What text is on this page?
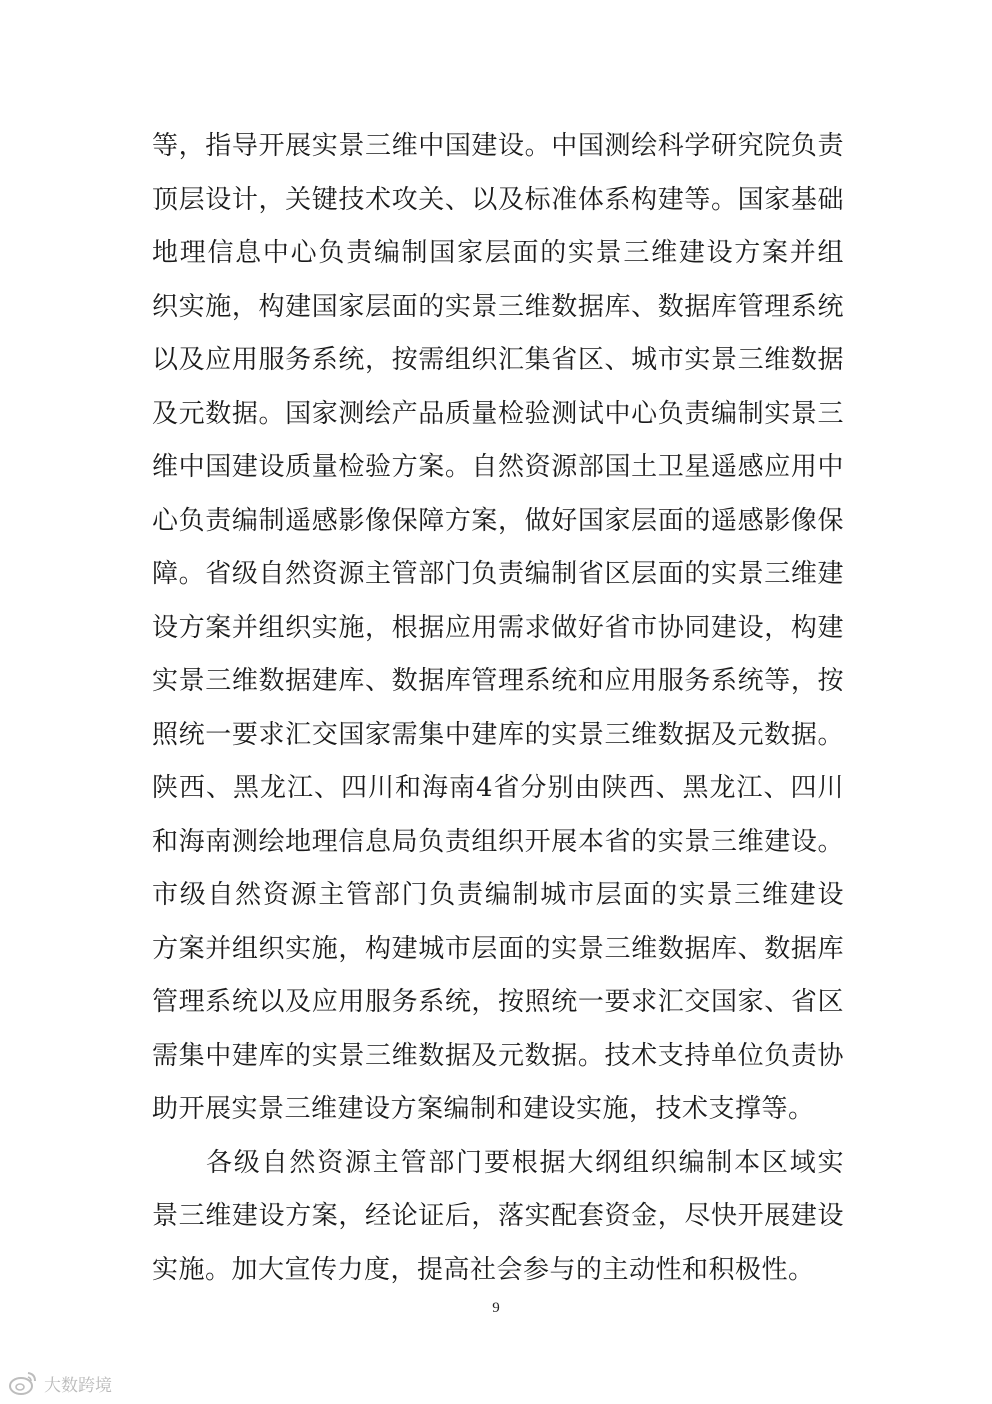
等，指导开展实景三维中国建设。中国测绘科学研究院负责
顶层设计，关键技术攻关、以及标准体系构建等。国家基础
地理信息中心负责编制国家层面的实景三维建设方案并组
织实施，构建国家层面的实景三维数据库、数据库管理系统
以及应用服务系统，按需组织汇集省区、城市实景三维数据
及元数据。国家测绘产品质量检验测试中心负责编制实景三
维中国建设质量检验方案。自然资源部国土卫星遥感应用中
心负责编制遥感影像保障方案，做好国家层面的遥感影像保
障。省级自然资源主管部门负责编制省区层面的实景三维建
设方案并组织实施，根据应用需求做好省市协同建设，构建
实景三维数据建库、数据库管理系统和应用服务系统等，按
照统一要求汇交国家需集中建库的实景三维数据及元数据。
陕西、黑龙江、四川和海南4省分别由陕西、黑龙江、四川
和海南测绘地理信息局负责组织开展本省的实景三维建设。
市级自然资源主管部门负责编制城市层面的实景三维建设
方案并组织实施，构建城市层面的实景三维数据库、数据库
管理系统以及应用服务系统，按照统一要求汇交国家、省区
需集中建库的实景三维数据及元数据。技术支持单位负责协
助开展实景三维建设方案编制和建设实施，技术支撑等。
各级自然资源主管部门要根据大纲组织编制本区域实
景三维建设方案，经论证后，落实配套资金，尽快开展建设
实施。加大宣传力度，提高社会参与的主动性和积极性。
9
大数跨境
